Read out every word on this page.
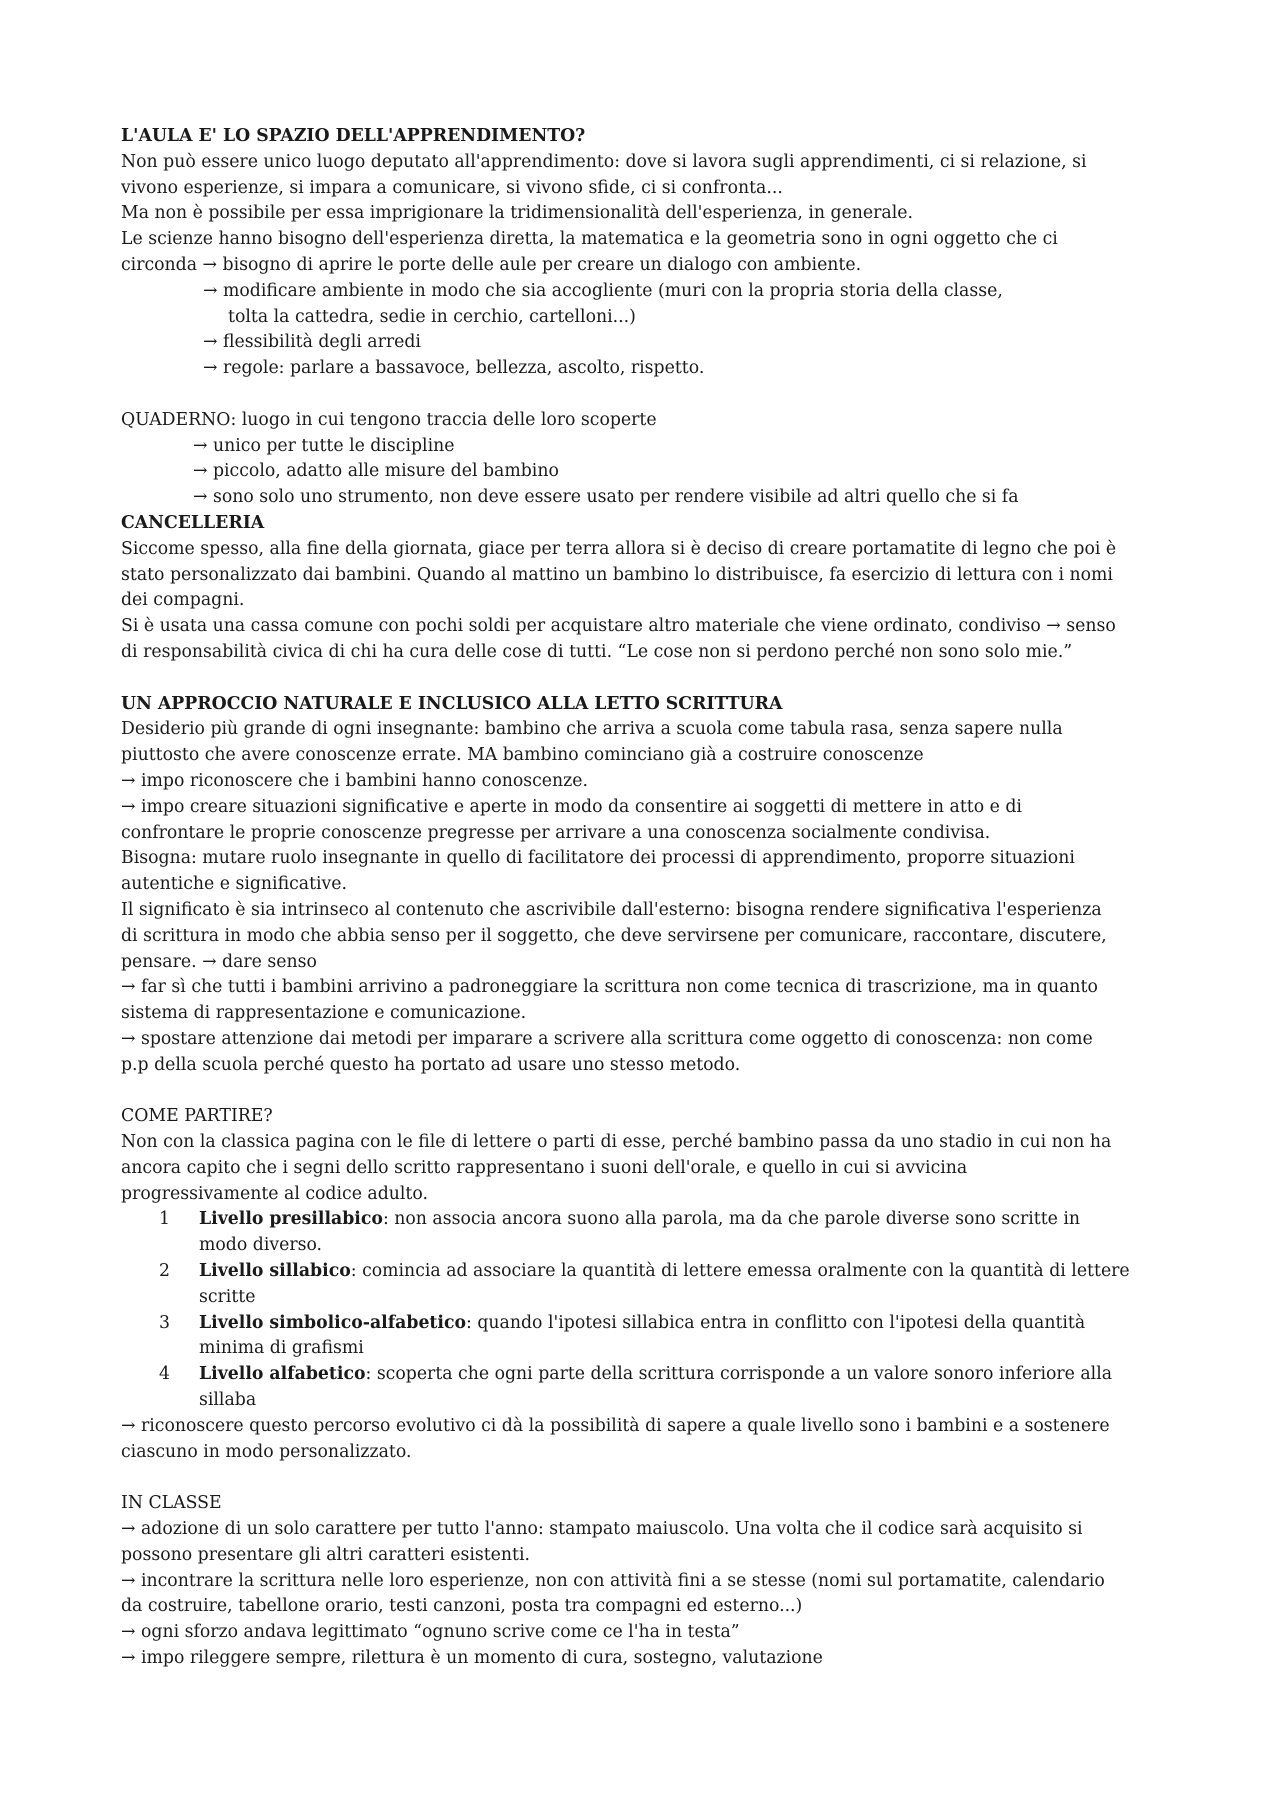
L'AULA E' LO SPAZIO DELL'APPRENDIMENTO?
Non può essere unico luogo deputato all'apprendimento: dove si lavora sugli apprendimenti, ci si relazione, si
vivono esperienze, si impara a comunicare, si vivono sfide, ci si confronta...
Ma non è possibile per essa imprigionare la tridimensionalità dell'esperienza, in generale.
Le scienze hanno bisogno dell'esperienza diretta, la matematica e la geometria sono in ogni oggetto che ci
circonda → bisogno di aprire le porte delle aule per creare un dialogo con ambiente.
→ modificare ambiente in modo che sia accogliente (muri con la propria storia della classe,
tolta la cattedra, sedie in cerchio, cartelloni...)
→ flessibilità degli arredi
→ regole: parlare a bassavoce, bellezza, ascolto, rispetto.
QUADERNO: luogo in cui tengono traccia delle loro scoperte
→ unico per tutte le discipline
→ piccolo, adatto alle misure del bambino
→ sono solo uno strumento, non deve essere usato per rendere visibile ad altri quello che si fa
CANCELLERIA
Siccome spesso, alla fine della giornata, giace per terra allora si è deciso di creare portamatite di legno che poi è
stato personalizzato dai bambini. Quando al mattino un bambino lo distribuisce, fa esercizio di lettura con i nomi
dei compagni.
Si è usata una cassa comune con pochi soldi per acquistare altro materiale che viene ordinato, condiviso → senso
di responsabilità civica di chi ha cura delle cose di tutti. “Le cose non si perdono perché non sono solo mie.”
UN APPROCCIO NATURALE E INCLUSICO ALLA LETTO SCRITTURA
Desiderio più grande di ogni insegnante: bambino che arriva a scuola come tabula rasa, senza sapere nulla
piuttosto che avere conoscenze errate. MA bambino cominciano già a costruire conoscenze
→ impo riconoscere che i bambini hanno conoscenze.
→ impo creare situazioni significative e aperte in modo da consentire ai soggetti di mettere in atto e di
confrontare le proprie conoscenze pregresse per arrivare a una conoscenza socialmente condivisa.
Bisogna: mutare ruolo insegnante in quello di facilitatore dei processi di apprendimento, proporre situazioni
autentiche e significative.
Il significato è sia intrinseco al contenuto che ascrivibile dall'esterno: bisogna rendere significativa l'esperienza
di scrittura in modo che abbia senso per il soggetto, che deve servirsene per comunicare, raccontare, discutere,
pensare. → dare senso
→ far sì che tutti i bambini arrivino a padroneggiare la scrittura non come tecnica di trascrizione, ma in quanto
sistema di rappresentazione e comunicazione.
→ spostare attenzione dai metodi per imparare a scrivere alla scrittura come oggetto di conoscenza: non come
p.p della scuola perché questo ha portato ad usare uno stesso metodo.
COME PARTIRE?
Non con la classica pagina con le file di lettere o parti di esse, perché bambino passa da uno stadio in cui non ha
ancora capito che i segni dello scritto rappresentano i suoni dell'orale, e quello in cui si avvicina
progressivamente al codice adulto.
1	Livello presillabico: non associa ancora suono alla parola, ma da che parole diverse sono scritte in
modo diverso.
2	Livello sillabico: comincia ad associare la quantità di lettere emessa oralmente con la quantità di lettere
scritte
3	Livello simbolico-alfabetico: quando l'ipotesi sillabica entra in conflitto con l'ipotesi della quantità
minima di grafismi
4	Livello alfabetico: scoperta che ogni parte della scrittura corrisponde a un valore sonoro inferiore alla
sillaba
→ riconoscere questo percorso evolutivo ci dà la possibilità di sapere a quale livello sono i bambini e a sostenere
ciascuno in modo personalizzato.
IN CLASSE
→ adozione di un solo carattere per tutto l'anno: stampato maiuscolo. Una volta che il codice sarà acquisito si
possono presentare gli altri caratteri esistenti.
→ incontrare la scrittura nelle loro esperienze, non con attività fini a se stesse (nomi sul portamatite, calendario
da costruire, tabellone orario, testi canzoni, posta tra compagni ed esterno...)
→ ogni sforzo andava legittimato “ognuno scrive come ce l'ha in testa”
→ impo rileggere sempre, rilettura è un momento di cura, sostegno, valutazione
